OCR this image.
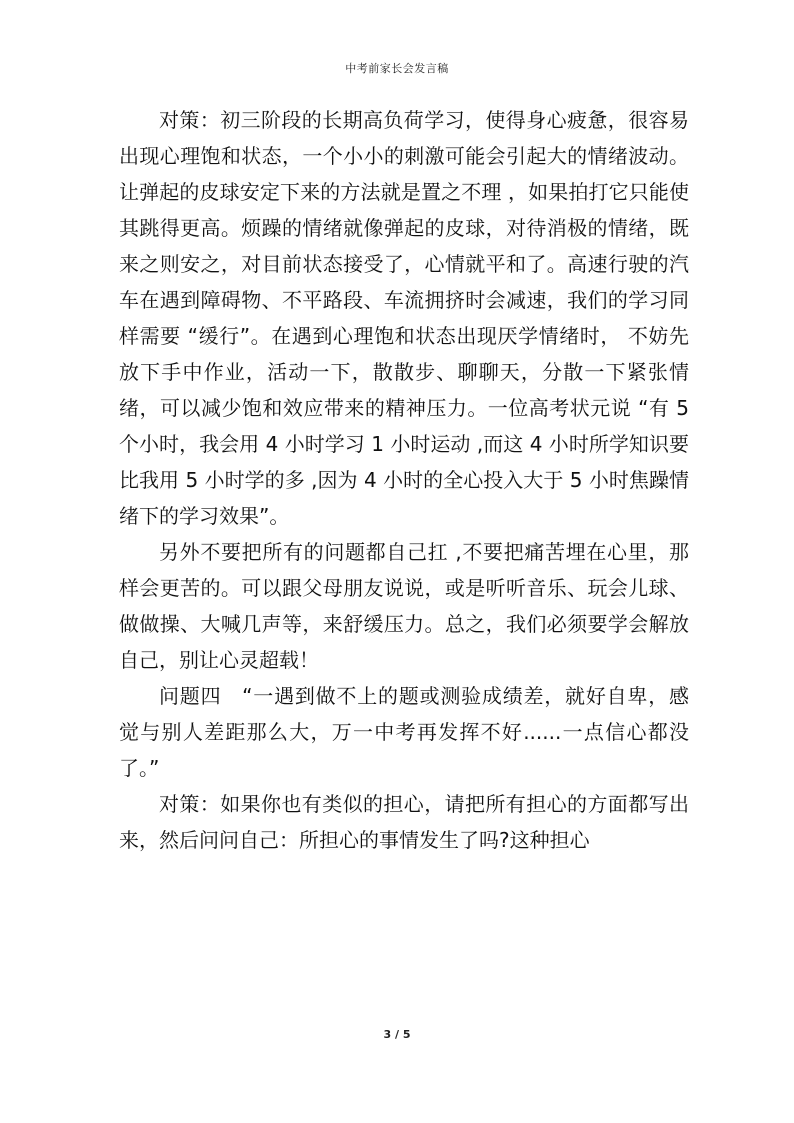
中考前家长会发言稿

对策：初三阶段的长期高负荷学习，使得身心疲惫，很容易出现心理饱和状态，一个小小的刺激可能会引起大的情绪波动。让弹起的皮球安定下来的方法就是置之不理 ，如果拍打它只能使其跳得更高。烦躁的情绪就像弹起的皮球，对待消极的情绪，既来之则安之，对目前状态接受了，心情就平和了。高速行驶的汽车在遇到障碍物、不平路段、车流拥挤时会减速，我们的学习同样需要 “缓行”。在遇到心理饱和状态出现厌学情绪时， 不妨先放下手中作业，活动一下，散散步、聊聊天，分散一下紧张情绪，可以减少饱和效应带来的精神压力。一位高考状元说 “有 5 个小时，我会用 4 小时学习 1 小时运动 ,而这 4 小时所学知识要比我用 5 小时学的多 ,因为 4 小时的全心投入大于 5 小时焦躁情绪下的学习效果”。

另外不要把所有的问题都自己扛 ,不要把痛苦埋在心里，那样会更苦的。可以跟父母朋友说说，或是听听音乐、玩会儿球、做做操、大喊几声等，来舒缓压力。总之，我们必须要学会解放自己，别让心灵超载！

问题四　“一遇到做不上的题或测验成绩差，就好自卑，感觉与别人差距那么大，万一中考再发挥不好......一点信心都没了。”

对策：如果你也有类似的担心，请把所有担心的方面都写出来，然后问问自己：所担心的事情发生了吗?这种担心

3 / 5
